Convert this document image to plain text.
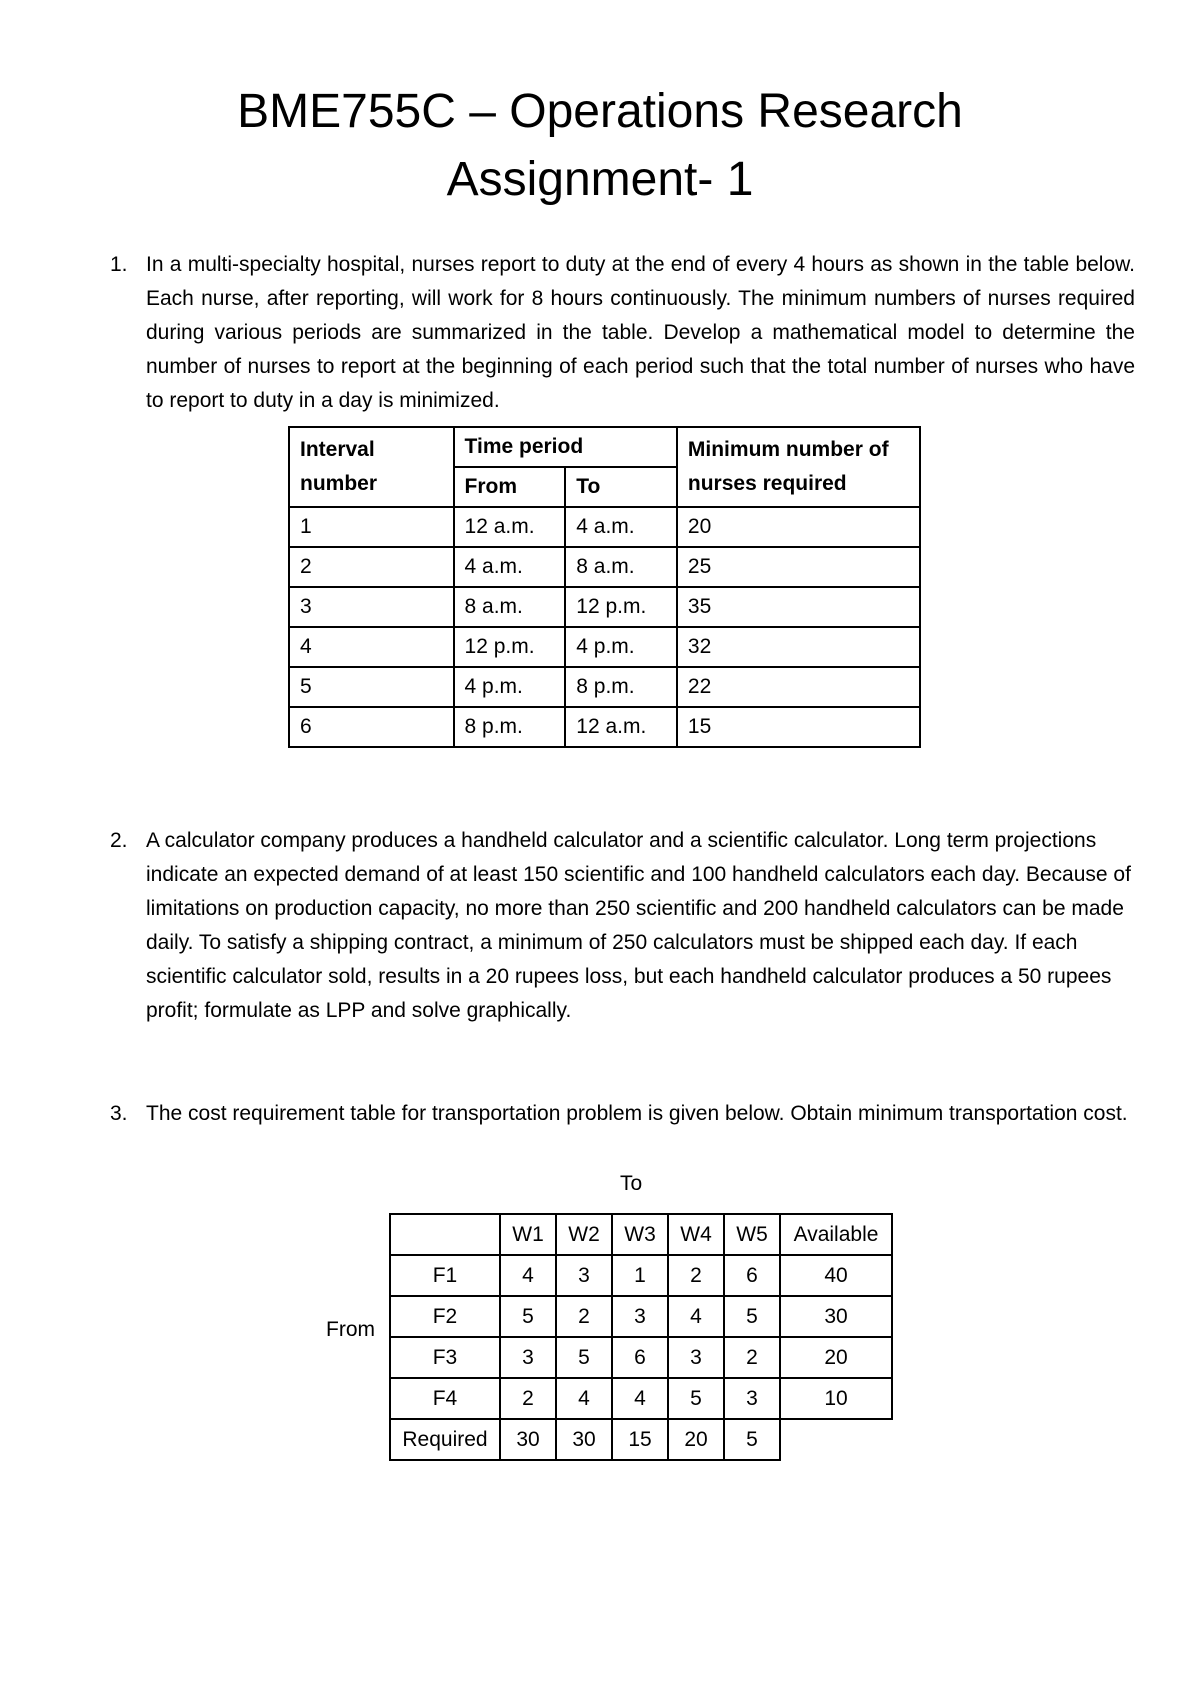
BME755C – Operations Research
Assignment- 1
1. In a multi-specialty hospital, nurses report to duty at the end of every 4 hours as shown in the table below. Each nurse, after reporting, will work for 8 hours continuously. The minimum numbers of nurses required during various periods are summarized in the table. Develop a mathematical model to determine the number of nurses to report at the beginning of each period such that the total number of nurses who have to report to duty in a day is minimized.
Interval number	Time period		Minimum number of nurses required
	From	To	
1	12 a.m.	4 a.m.	20
2	4 a.m.	8 a.m.	25
3	8 a.m.	12 p.m.	35
4	12 p.m.	4 p.m.	32
5	4 p.m.	8 p.m.	22
6	8 p.m.	12 a.m.	15
2. A calculator company produces a handheld calculator and a scientific calculator. Long term projections indicate an expected demand of at least 150 scientific and 100 handheld calculators each day. Because of limitations on production capacity, no more than 250 scientific and 200 handheld calculators can be made daily. To satisfy a shipping contract, a minimum of 250 calculators must be shipped each day. If each scientific calculator sold, results in a 20 rupees loss, but each handheld calculator produces a 50 rupees profit; formulate as LPP and solve graphically.
3. The cost requirement table for transportation problem is given below. Obtain minimum transportation cost.
To
From
	W1	W2	W3	W4	W5	Available
F1	4	3	1	2	6	40
F2	5	2	3	4	5	30
F3	3	5	6	3	2	20
F4	2	4	4	5	3	10
Required	30	30	15	20	5	
